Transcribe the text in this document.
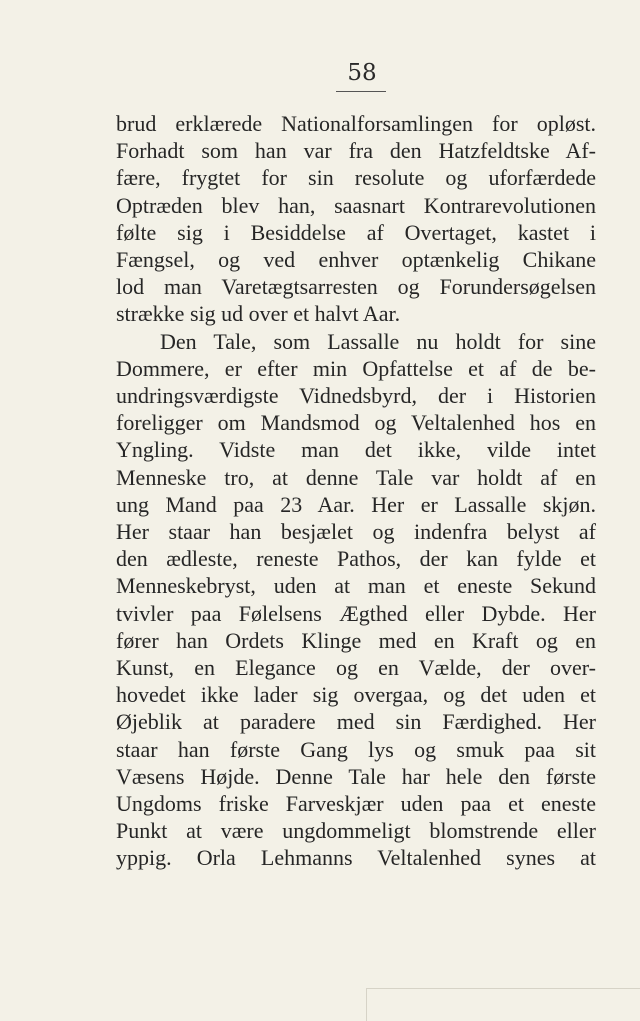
58
brud erklærede Nationalforsamlingen for opløst.
Forhadt som han var fra den Hatzfeldtske Af-
fære, frygtet for sin resolute og uforfærdede
Optræden blev han, saasnart Kontrarevolutionen
følte sig i Besiddelse af Overtaget, kastet i
Fængsel, og ved enhver optænkelig Chikane
lod man Varetægtsarresten og Forundersøgelsen
strække sig ud over et halvt Aar.
Den Tale, som Lassalle nu holdt for sine
Dommere, er efter min Opfattelse et af de be-
undringsværdigste Vidnedsbyrd, der i Historien
foreligger om Mandsmod og Veltalenhed hos en
Yngling. Vidste man det ikke, vilde intet
Menneske tro, at denne Tale var holdt af en
ung Mand paa 23 Aar. Her er Lassalle skjøn.
Her staar han besjælet og indenfra belyst af
den ædleste, reneste Pathos, der kan fylde et
Menneskebryst, uden at man et eneste Sekund
tvivler paa Følelsens Ægthed eller Dybde. Her
fører han Ordets Klinge med en Kraft og en
Kunst, en Elegance og en Vælde, der over-
hovedet ikke lader sig overgaa, og det uden et
Øjeblik at paradere med sin Færdighed. Her
staar han første Gang lys og smuk paa sit
Væsens Højde. Denne Tale har hele den første
Ungdoms friske Farveskjær uden paa et eneste
Punkt at være ungdommeligt blomstrende eller
yppig. Orla Lehmanns Veltalenhed synes at
